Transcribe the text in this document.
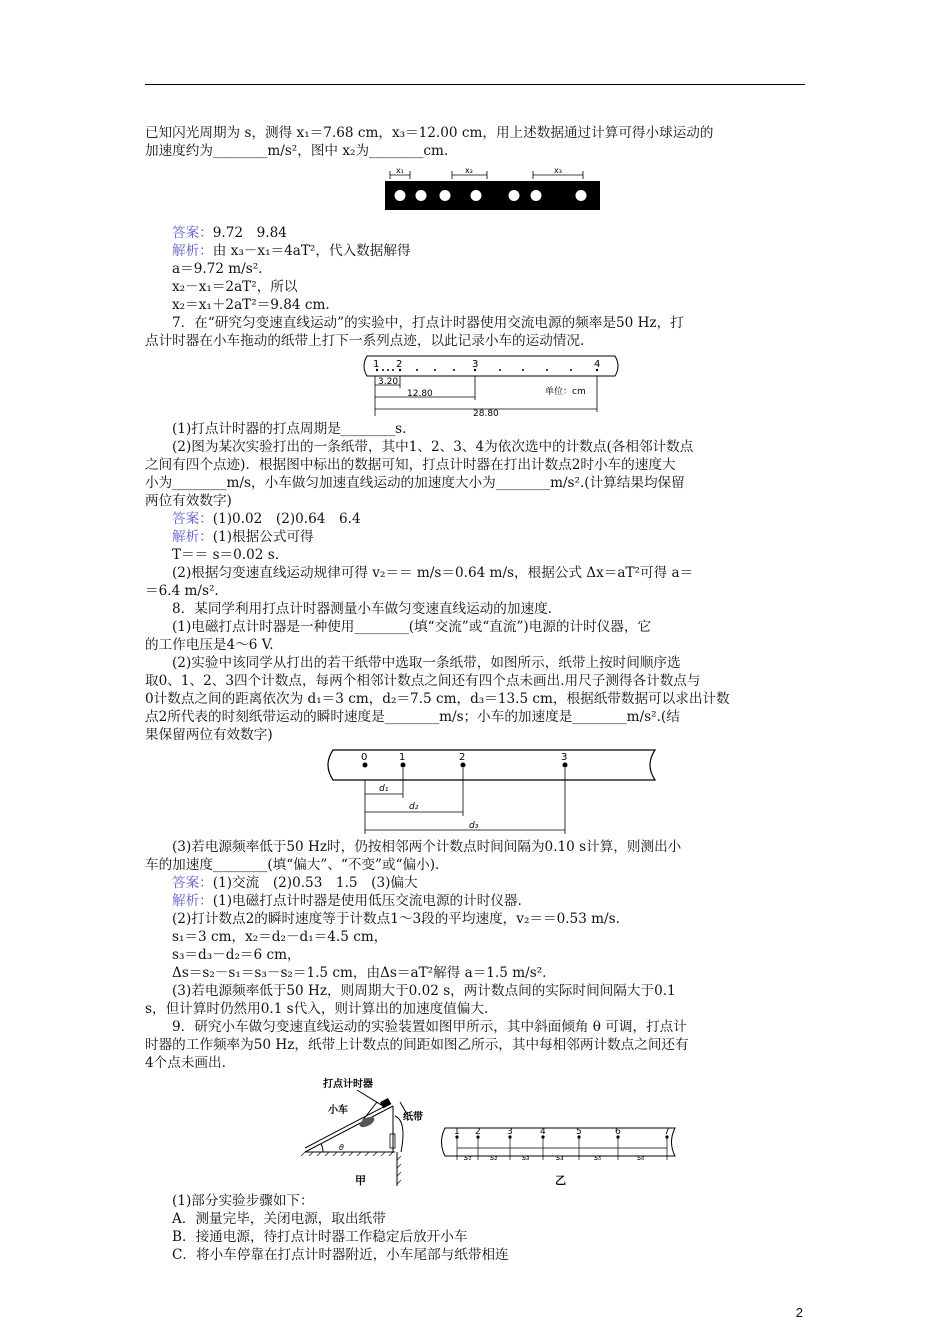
已知闪光周期为 s，测得 x₁＝7.68 cm，x₃＝12.00 cm，用上述数据通过计算可得小球运动的
加速度约为________m/s²，图中 x₂为________cm.
x₁	x₂	x₃
答案：9.72　9.84
解析：由 x₃－x₁＝4aT²，代入数据解得
a＝9.72 m/s².
x₂－x₁＝2aT²，所以
x₂＝x₁＋2aT²＝9.84 cm.
7．在“研究匀变速直线运动”的实验中，打点计时器使用交流电源的频率是50 Hz，打
点计时器在小车拖动的纸带上打下一系列点迹，以此记录小车的运动情况.
1 2	3	4
3.20
12.80
28.80
单位：cm
(1)打点计时器的打点周期是________s.
(2)图为某次实验打出的一条纸带，其中1、2、3、4为依次选中的计数点(各相邻计数点
之间有四个点迹)．根据图中标出的数据可知，打点计时器在打出计数点2时小车的速度大
小为________m/s，小车做匀加速直线运动的加速度大小为________m/s².(计算结果均保留
两位有效数字)
答案：(1)0.02　(2)0.64　6.4
解析：(1)根据公式可得
T＝＝ s＝0.02 s.
(2)根据匀变速直线运动规律可得 v₂＝＝ m/s＝0.64 m/s，根据公式 Δx＝aT²可得 a＝
＝6.4 m/s².
8．某同学利用打点计时器测量小车做匀变速直线运动的加速度.
(1)电磁打点计时器是一种使用________(填“交流”或“直流”)电源的计时仪器，它
的工作电压是4～6 V.
(2)实验中该同学从打出的若干纸带中选取一条纸带，如图所示，纸带上按时间顺序选
取0、1、2、3四个计数点，每两个相邻计数点之间还有四个点未画出.用尺子测得各计数点与
0计数点之间的距离依次为 d₁＝3 cm，d₂＝7.5 cm，d₃＝13.5 cm，根据纸带数据可以求出计数
点2所代表的时刻纸带运动的瞬时速度是________m/s；小车的加速度是________m/s².(结
果保留两位有效数字)
0	1	2	3
d₁
d₂
d₃
(3)若电源频率低于50 Hz时，仍按相邻两个计数点时间间隔为0.10 s计算，则测出小
车的加速度________(填“偏大”、“不变”或“偏小).
答案：(1)交流　(2)0.53　1.5　(3)偏大
解析：(1)电磁打点计时器是使用低压交流电源的计时仪器.
(2)打计数点2的瞬时速度等于计数点1～3段的平均速度，v₂＝＝0.53 m/s.
s₁＝3 cm，x₂＝d₂－d₁＝4.5 cm，
s₃＝d₃－d₂＝6 cm，
Δs＝s₂－s₁＝s₃－s₂＝1.5 cm，由Δs＝aT²解得 a＝1.5 m/s².
(3)若电源频率低于50 Hz，则周期大于0.02 s，两计数点间的实际时间间隔大于0.1
s，但计算时仍然用0.1 s代入，则计算出的加速度值偏大.
9．研究小车做匀变速直线运动的实验装置如图甲所示，其中斜面倾角 θ 可调，打点计
时器的工作频率为50 Hz，纸带上计数点的间距如图乙所示，其中每相邻两计数点之间还有
4个点未画出.
打点计时器
小车
纸带
θ
1 2	3	4	5	6	7
s₁ s₂	s₃	s₄	s₅	s₆
甲	乙
(1)部分实验步骤如下：
A．测量完毕，关闭电源，取出纸带
B．接通电源，待打点计时器工作稳定后放开小车
C．将小车停靠在打点计时器附近，小车尾部与纸带相连
2
